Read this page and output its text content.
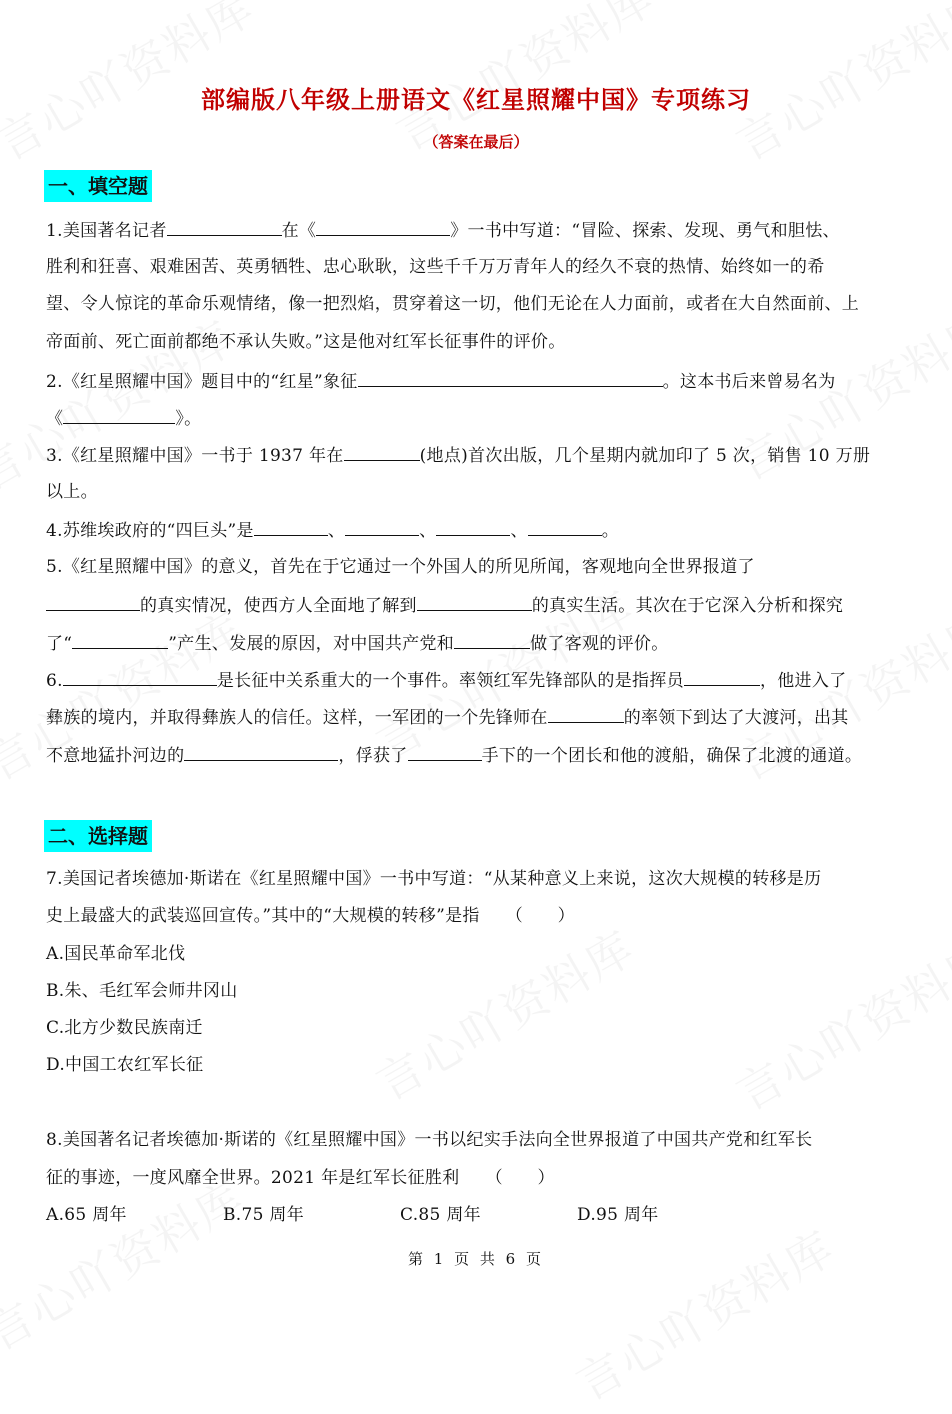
部编版八年级上册语文《红星照耀中国》专项练习
（答案在最后）
一、填空题
1.美国著名记者	在《	》一书中写道：“冒险、探索、发现、勇气和胆怯、
胜利和狂喜、艰难困苦、英勇牺牲、忠心耿耿，这些千千万万青年人的经久不衰的热情、始终如一的希
望、令人惊诧的革命乐观情绪，像一把烈焰，贯穿着这一切，他们无论在人力面前，或者在大自然面前、上
帝面前、死亡面前都绝不承认失败。”这是他对红军长征事件的评价。
2.《红星照耀中国》题目中的“红星”象征	。这本书后来曾易名为
《	》。
3.《红星照耀中国》一书于 1937 年在	(地点)首次出版，几个星期内就加印了 5 次，销售 10 万册
以上。
4.苏维埃政府的“四巨头”是	、	、	、	。
5.《红星照耀中国》的意义，首先在于它通过一个外国人的所见所闻，客观地向全世界报道了
的真实情况，使西方人全面地了解到	的真实生活。其次在于它深入分析和探究
了“	”产生、发展的原因，对中国共产党和	做了客观的评价。
6.	是长征中关系重大的一个事件。率领红军先锋部队的是指挥员	，他进入了
彝族的境内，并取得彝族人的信任。这样，一军团的一个先锋师在	的率领下到达了大渡河，出其
不意地猛扑河边的	，俘获了	手下的一个团长和他的渡船，确保了北渡的通道。
二、选择题
7.美国记者埃德加·斯诺在《红星照耀中国》一书中写道：“从某种意义上来说，这次大规模的转移是历
史上最盛大的武装巡回宣传。”其中的“大规模的转移”是指　　（　　）
A.国民革命军北伐
B.朱、毛红军会师井冈山
C.北方少数民族南迁
D.中国工农红军长征
8.美国著名记者埃德加·斯诺的《红星照耀中国》一书以纪实手法向全世界报道了中国共产党和红军长
征的事迹，一度风靡全世界。2021 年是红军长征胜利　　（　　）
A.65 周年	B.75 周年	C.85 周年	D.95 周年
第 1 页 共 6 页
